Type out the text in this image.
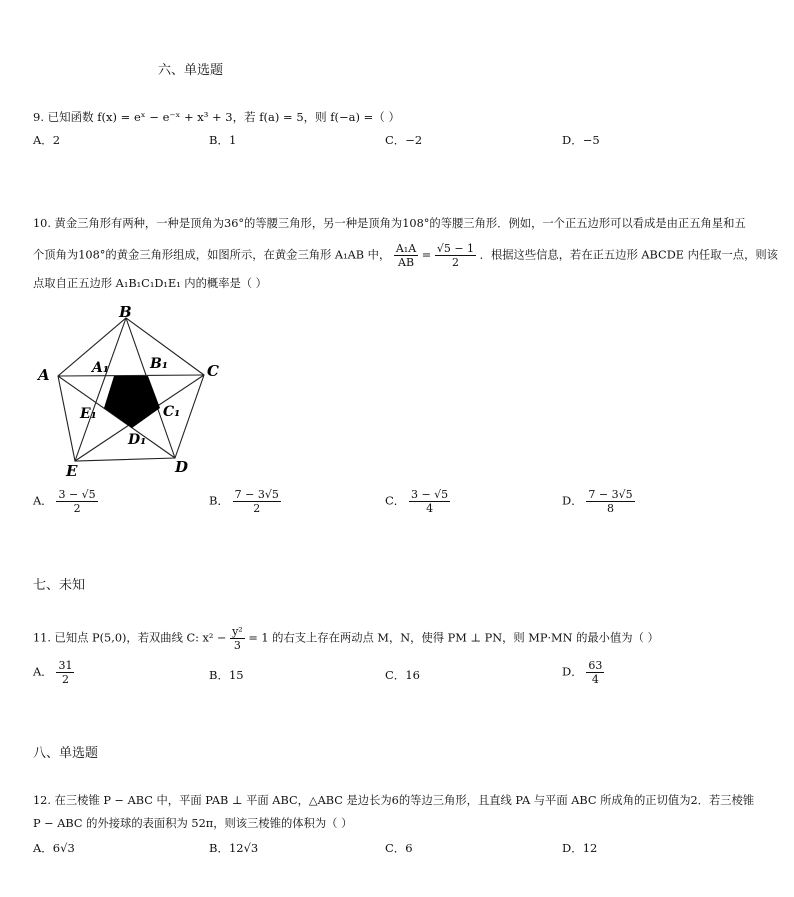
六、单选题
9. 已知函数 f(x) = eˣ − e⁻ˣ + x³ + 3，若 f(a) = 5，则 f(−a) =（ ）
A．2	B．1	C．−2	D．−5
10. 黄金三角形有两种，一种是顶角为36°的等腰三角形，另一种是顶角为108°的等腰三角形．例如，一个正五边形可以看成是由正五角星和五
个顶角为108°的黄金三角形组成，如图所示，在黄金三角形 A₁AB 中， $\frac{\text{A₁A}}{AB} = \frac{√5 - 1}{2}$ ．根据这些信息，若在正五边形 ABCDE 内任取一点，则该
点取自正五边形 A₁B₁C₁D₁E₁ 内的概率是（ ）
B
C
A
E	D
A₁	B₁
C₁
D₁
E₁
A． $\frac{3 - √5}{2}$	B． $\frac{7 - 3√5}{2}$	C． $\frac{3 - √5}{4}$	D． $\frac{7 - 3√5}{8}$
七、未知
11. 已知点 P(5,0)，若双曲线 C: $x^2 - \frac{\text{y²}}{3} = 1$ 的右支上存在两动点 M，N，使得 PM ⊥ PN，则 MP·MN 的最小值为（ ）
A． $\frac{31}{2}$	B．15	C．16	D． $\frac{63}{4}$
八、单选题
12. 在三棱锥 P − ABC 中，平面 PAB ⊥ 平面 ABC，△ABC 是边长为6的等边三角形，且直线 PA 与平面 ABC 所成角的正切值为2．若三棱锥
P − ABC 的外接球的表面积为 52π，则该三棱锥的体积为（ ）
A．6√3	B．12√3	C．6	D．12
